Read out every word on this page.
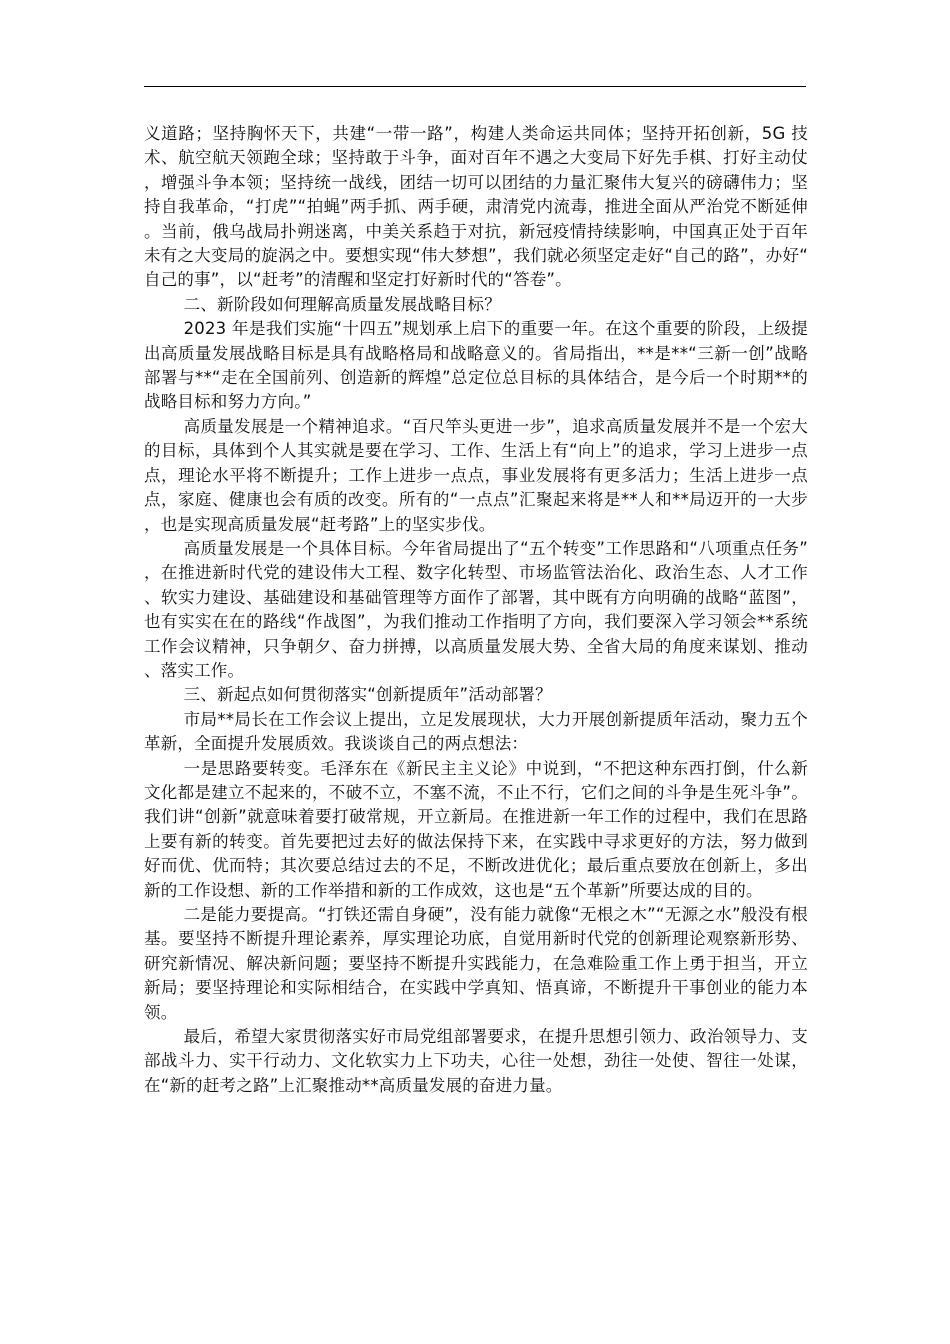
义道路；坚持胸怀天下，共建“一带一路”，构建人类命运共同体；坚持开拓创新，5G 技术、航空航天领跑全球；坚持敢于斗争，面对百年不遇之大变局下好先手棋、打好主动仗，增强斗争本领；坚持统一战线，团结一切可以团结的力量汇聚伟大复兴的磅礴伟力；坚持自我革命，“打虎”“拍蝇”两手抓、两手硬，肃清党内流毒，推进全面从严治党不断延伸。当前，俄乌战局扑朔迷离，中美关系趋于对抗，新冠疫情持续影响，中国真正处于百年未有之大变局的旋涡之中。要想实现“伟大梦想”，我们就必须坚定走好“自己的路”，办好“自己的事”，以“赶考”的清醒和坚定打好新时代的“答卷”。

二、新阶段如何理解高质量发展战略目标？

2023 年是我们实施“十四五”规划承上启下的重要一年。在这个重要的阶段，上级提出高质量发展战略目标是具有战略格局和战略意义的。省局指出，**是**“三新一创”战略部署与**“走在全国前列、创造新的辉煌”总定位总目标的具体结合，是今后一个时期**的战略目标和努力方向。”

高质量发展是一个精神追求。“百尺竿头更进一步”，追求高质量发展并不是一个宏大的目标，具体到个人其实就是要在学习、工作、生活上有“向上”的追求，学习上进步一点点，理论水平将不断提升；工作上进步一点点，事业发展将有更多活力；生活上进步一点点，家庭、健康也会有质的改变。所有的“一点点”汇聚起来将是**人和**局迈开的一大步，也是实现高质量发展“赶考路”上的坚实步伐。

高质量发展是一个具体目标。今年省局提出了“五个转变”工作思路和“八项重点任务”，在推进新时代党的建设伟大工程、数字化转型、市场监管法治化、政治生态、人才工作、软实力建设、基础建设和基础管理等方面作了部署，其中既有方向明确的战略“蓝图”，也有实实在在的路线“作战图”，为我们推动工作指明了方向，我们要深入学习领会**系统工作会议精神，只争朝夕、奋力拼搏，以高质量发展大势、全省大局的角度来谋划、推动、落实工作。

三、新起点如何贯彻落实“创新提质年”活动部署？

市局**局长在工作会议上提出，立足发展现状，大力开展创新提质年活动，聚力五个革新，全面提升发展质效。我谈谈自己的两点想法：

一是思路要转变。毛泽东在《新民主主义论》中说到，“不把这种东西打倒，什么新文化都是建立不起来的，不破不立，不塞不流，不止不行，它们之间的斗争是生死斗争”。我们讲“创新”就意味着要打破常规，开立新局。在推进新一年工作的过程中，我们在思路上要有新的转变。首先要把过去好的做法保持下来，在实践中寻求更好的方法，努力做到好而优、优而特；其次要总结过去的不足，不断改进优化；最后重点要放在创新上，多出新的工作设想、新的工作举措和新的工作成效，这也是“五个革新”所要达成的目的。

二是能力要提高。“打铁还需自身硬”，没有能力就像“无根之木”“无源之水”般没有根基。要坚持不断提升理论素养，厚实理论功底，自觉用新时代党的创新理论观察新形势、研究新情况、解决新问题；要坚持不断提升实践能力，在急难险重工作上勇于担当，开立新局；要坚持理论和实际相结合，在实践中学真知、悟真谛，不断提升干事创业的能力本领。

最后，希望大家贯彻落实好市局党组部署要求，在提升思想引领力、政治领导力、支部战斗力、实干行动力、文化软实力上下功夫，心往一处想，劲往一处使、智往一处谋，在“新的赶考之路”上汇聚推动**高质量发展的奋进力量。
